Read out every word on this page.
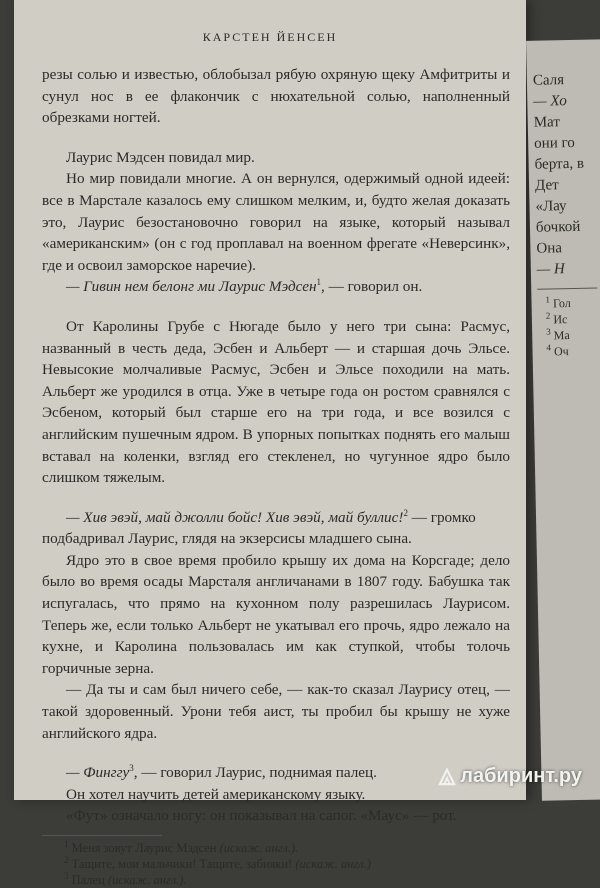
КАРСТЕН ЙЕНСЕН

резы солью и известью, облобызал рябую охряную щеку Амфитриты и сунул нос в ее флакончик с нюхательной солью, наполненный обрезками ногтей.

Лаурис Мэдсен повидал мир.

Но мир повидали многие. А он вернулся, одержимый одной идеей: все в Марстале казалось ему слишком мелким, и, будто желая доказать это, Лаурис безостановочно говорил на языке, который называл «американским» (он с год проплавал на военном фрегате «Неверсинк», где и освоил заморское наречие).

— Гивин нем белонг ми Лаурис Мэдсен$^1$, — говорил он.

От Каролины Грубе с Нюгаде было у него три сына: Расмус, названный в честь деда, Эсбен и Альберт — и старшая дочь Эльсе. Невысокие молчаливые Расмус, Эсбен и Эльсе походили на мать. Альберт же уродился в отца. Уже в четыре года он ростом сравнялся с Эсбеном, который был старше его на три года, и все возился с английским пушечным ядром. В упорных попытках поднять его малыш вставал на коленки, взгляд его стекленел, но чугунное ядро было слишком тяжелым.

— Хив эвэй, май джолли бойс! Хив эвэй, май буллис!$^2$ — громко

подбадривал Лаурис, глядя на экзерсисы младшего сына.

Ядро это в свое время пробило крышу их дома на Корсгаде; дело было во время осады Марсталя англичанами в 1807 году. Бабушка так испугалась, что прямо на кухонном полу разрешилась Лаурисом. Теперь же, если только Альберт не укатывал его прочь, ядро лежало на кухне, и Каролина пользовалась им как ступкой, чтобы толочь горчичные зерна.

— Да ты и сам был ничего себе, — как-то сказал Лаурису отец, — такой здоровенный. Урони тебя аист, ты пробил бы крышу не хуже английского ядра.

— Финггу$^3$, — говорил Лаурис, поднимая палец.

Он хотел научить детей американскому языку.

«Фут» означало ногу: он показывал на сапог. «Маус» — рот.

$^1$ Меня зовут Лаурис Мэдсен (искаж. англ.).

$^2$ Тащите, мои мальчики! Тащите, забияки! (искаж. англ.)

$^3$ Палец (искаж. англ.).

Саля
— Хо
Мат
они го
берта, в
Дет
«Лау
бочкой
Она
— Н
$^1$ Гол
$^2$ Ис
$^3$ Ма
$^4$ Оч
лабиринт.ру
